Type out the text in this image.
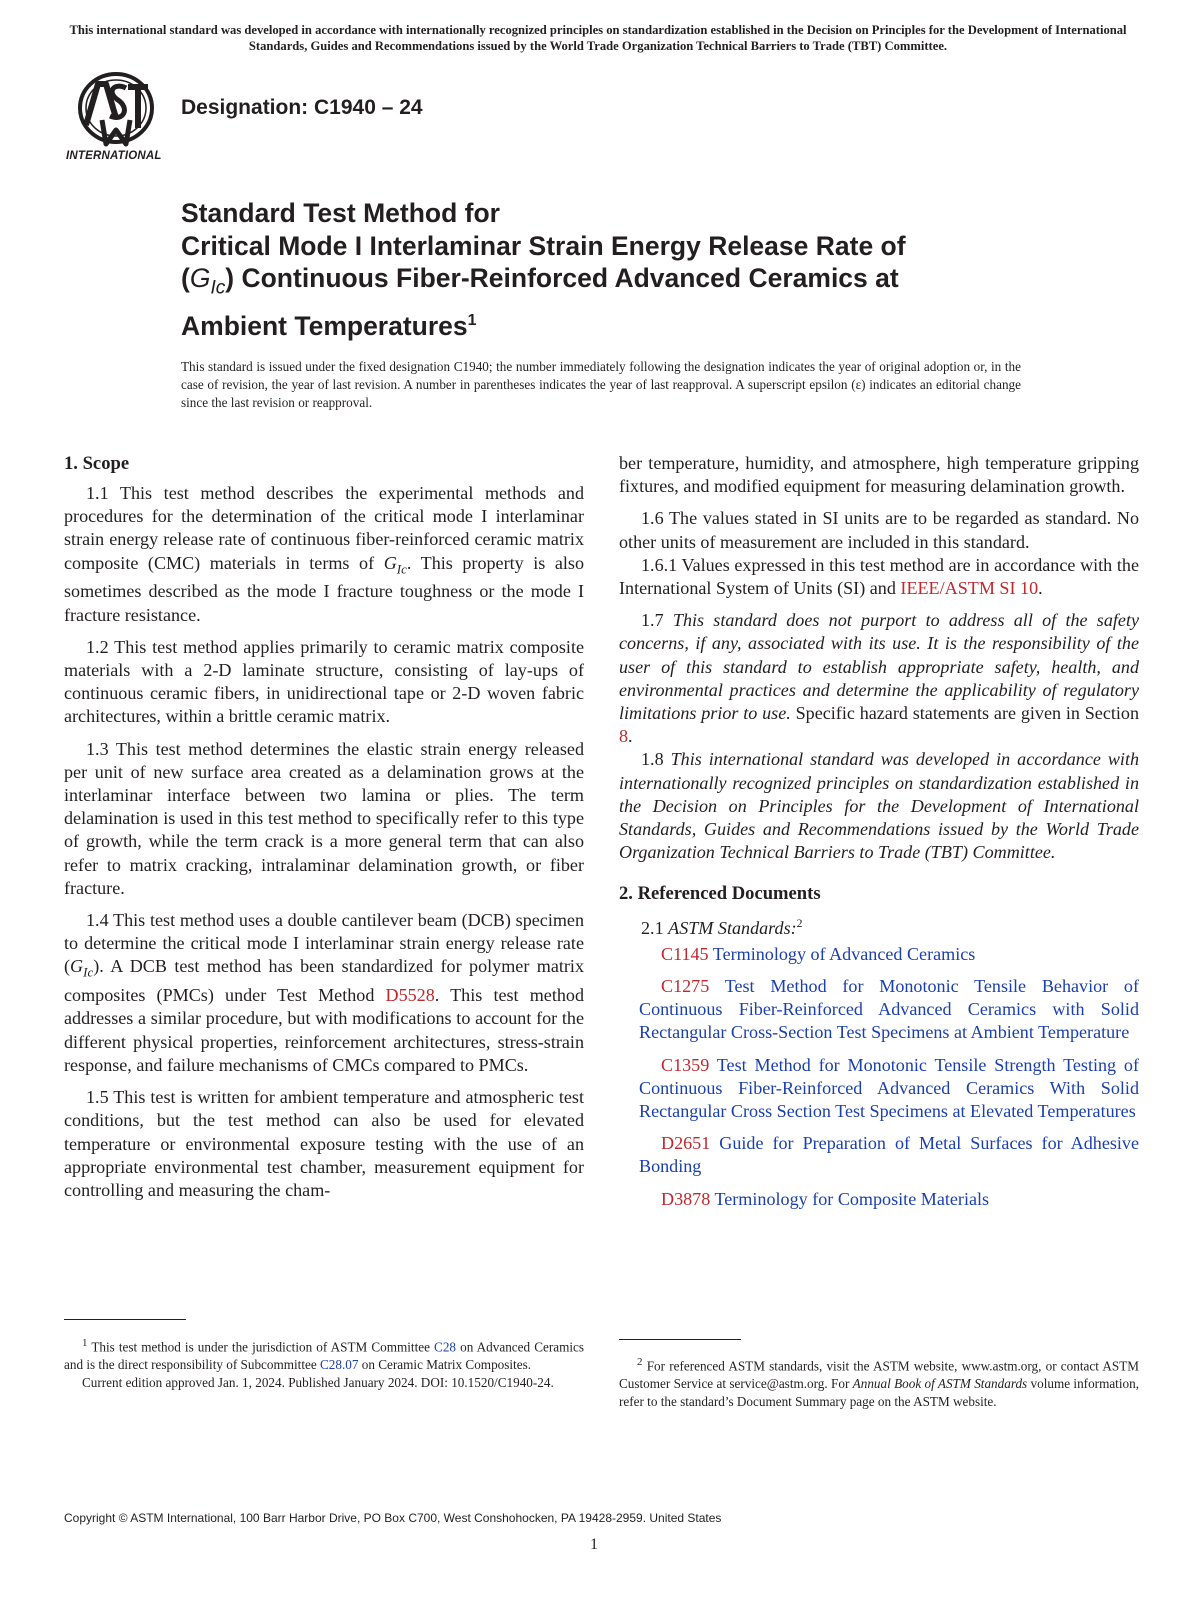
This international standard was developed in accordance with internationally recognized principles on standardization established in the Decision on Principles for the Development of International Standards, Guides and Recommendations issued by the World Trade Organization Technical Barriers to Trade (TBT) Committee.
INTERNATIONAL
Designation: C1940 – 24
Standard Test Method for
Critical Mode I Interlaminar Strain Energy Release Rate of
$(G_{Ic})$ Continuous Fiber-Reinforced Advanced Ceramics at
Ambient Temperatures$^1$
This standard is issued under the fixed designation C1940; the number immediately following the designation indicates the year of original adoption or, in the case of revision, the year of last revision. A number in parentheses indicates the year of last reapproval. A superscript epsilon (ε) indicates an editorial change since the last revision or reapproval.
1. Scope

1.1 This test method describes the experimental methods and procedures for the determination of the critical mode I interlaminar strain energy release rate of continuous fiber-reinforced ceramic matrix composite (CMC) materials in terms of $G_{Ic}$. This property is also sometimes described as the mode I fracture toughness or the mode I fracture resistance.

1.2 This test method applies primarily to ceramic matrix composite materials with a 2-D laminate structure, consisting of lay-ups of continuous ceramic fibers, in unidirectional tape or 2-D woven fabric architectures, within a brittle ceramic matrix.

1.3 This test method determines the elastic strain energy released per unit of new surface area created as a delamination grows at the interlaminar interface between two lamina or plies. The term delamination is used in this test method to specifically refer to this type of growth, while the term crack is a more general term that can also refer to matrix cracking, intralaminar delamination growth, or fiber fracture.

1.4 This test method uses a double cantilever beam (DCB) specimen to determine the critical mode I interlaminar strain energy release rate $(G_{Ic})$. A DCB test method has been standardized for polymer matrix composites (PMCs) under Test Method D5528. This test method addresses a similar procedure, but with modifications to account for the different physical properties, reinforcement architectures, stress-strain response, and failure mechanisms of CMCs compared to PMCs.

1.5 This test is written for ambient temperature and atmospheric test conditions, but the test method can also be used for elevated temperature or environmental exposure testing with the use of an appropriate environmental test chamber, measurement equipment for controlling and measuring the cham-

$^1$ This test method is under the jurisdiction of ASTM Committee C28 on Advanced Ceramics and is the direct responsibility of Subcommittee C28.07 on Ceramic Matrix Composites.

Current edition approved Jan. 1, 2024. Published January 2024. DOI: 10.1520/C1940-24.

ber temperature, humidity, and atmosphere, high temperature gripping fixtures, and modified equipment for measuring delamination growth.

1.6 The values stated in SI units are to be regarded as standard. No other units of measurement are included in this standard.

1.6.1 Values expressed in this test method are in accordance with the International System of Units (SI) and IEEE/ASTM SI 10.

1.7 This standard does not purport to address all of the safety concerns, if any, associated with its use. It is the responsibility of the user of this standard to establish appropriate safety, health, and environmental practices and determine the applicability of regulatory limitations prior to use. Specific hazard statements are given in Section 8.

1.8 This international standard was developed in accordance with internationally recognized principles on standardization established in the Decision on Principles for the Development of International Standards, Guides and Recommendations issued by the World Trade Organization Technical Barriers to Trade (TBT) Committee.

2. Referenced Documents

2.1 ASTM Standards:$^2$

C1145 Terminology of Advanced Ceramics

C1275 Test Method for Monotonic Tensile Behavior of Continuous Fiber-Reinforced Advanced Ceramics with Solid Rectangular Cross-Section Test Specimens at Ambient Temperature

C1359 Test Method for Monotonic Tensile Strength Testing of Continuous Fiber-Reinforced Advanced Ceramics With Solid Rectangular Cross Section Test Specimens at Elevated Temperatures

D2651 Guide for Preparation of Metal Surfaces for Adhesive Bonding

D3878 Terminology for Composite Materials

$^2$ For referenced ASTM standards, visit the ASTM website, www.astm.org, or contact ASTM Customer Service at service@astm.org. For Annual Book of ASTM Standards volume information, refer to the standard’s Document Summary page on the ASTM website.

Copyright © ASTM International, 100 Barr Harbor Drive, PO Box C700, West Conshohocken, PA 19428-2959. United States
1
